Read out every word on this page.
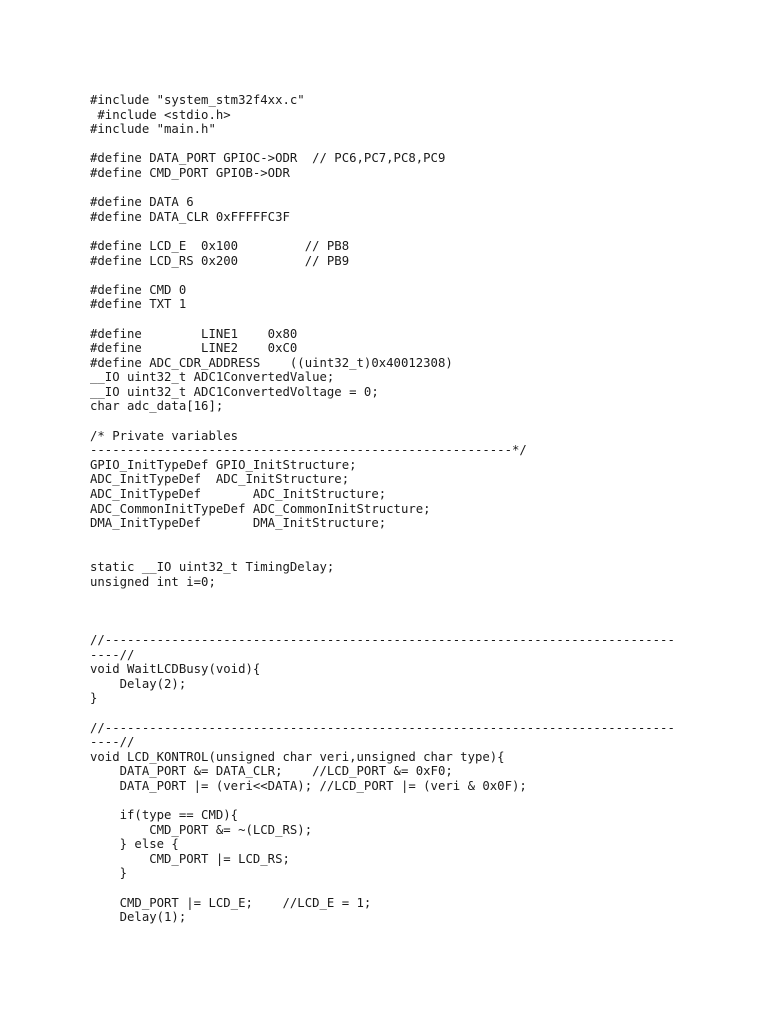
#include "system_stm32f4xx.c"
#include <stdio.h>
#include "main.h"
#define DATA_PORT GPIOC->ODR  // PC6,PC7,PC8,PC9
#define CMD_PORT GPIOB->ODR
#define DATA 6
#define DATA_CLR 0xFFFFFC3F
#define LCD_E  0x100         // PB8
#define LCD_RS 0x200         // PB9
#define CMD 0
#define TXT 1
#define        LINE1    0x80
#define        LINE2    0xC0
#define ADC_CDR_ADDRESS    ((uint32_t)0x40012308)
__IO uint32_t ADC1ConvertedValue;
__IO uint32_t ADC1ConvertedVoltage = 0;
char adc_data[16];
/* Private variables
---------------------------------------------------------*/
GPIO_InitTypeDef GPIO_InitStructure;
ADC_InitTypeDef  ADC_InitStructure;
ADC_InitTypeDef       ADC_InitStructure;
ADC_CommonInitTypeDef ADC_CommonInitStructure;
DMA_InitTypeDef       DMA_InitStructure;
static __IO uint32_t TimingDelay;
unsigned int i=0;
//-----------------------------------------------------------------------------
----//
void WaitLCDBusy(void){
Delay(2);
}
//-----------------------------------------------------------------------------
----//
void LCD_KONTROL(unsigned char veri,unsigned char type){
DATA_PORT &= DATA_CLR;    //LCD_PORT &= 0xF0;
DATA_PORT |= (veri<<DATA); //LCD_PORT |= (veri & 0x0F);
if(type == CMD){
CMD_PORT &= ~(LCD_RS);
} else {
CMD_PORT |= LCD_RS;
}
CMD_PORT |= LCD_E;    //LCD_E = 1;
Delay(1);
